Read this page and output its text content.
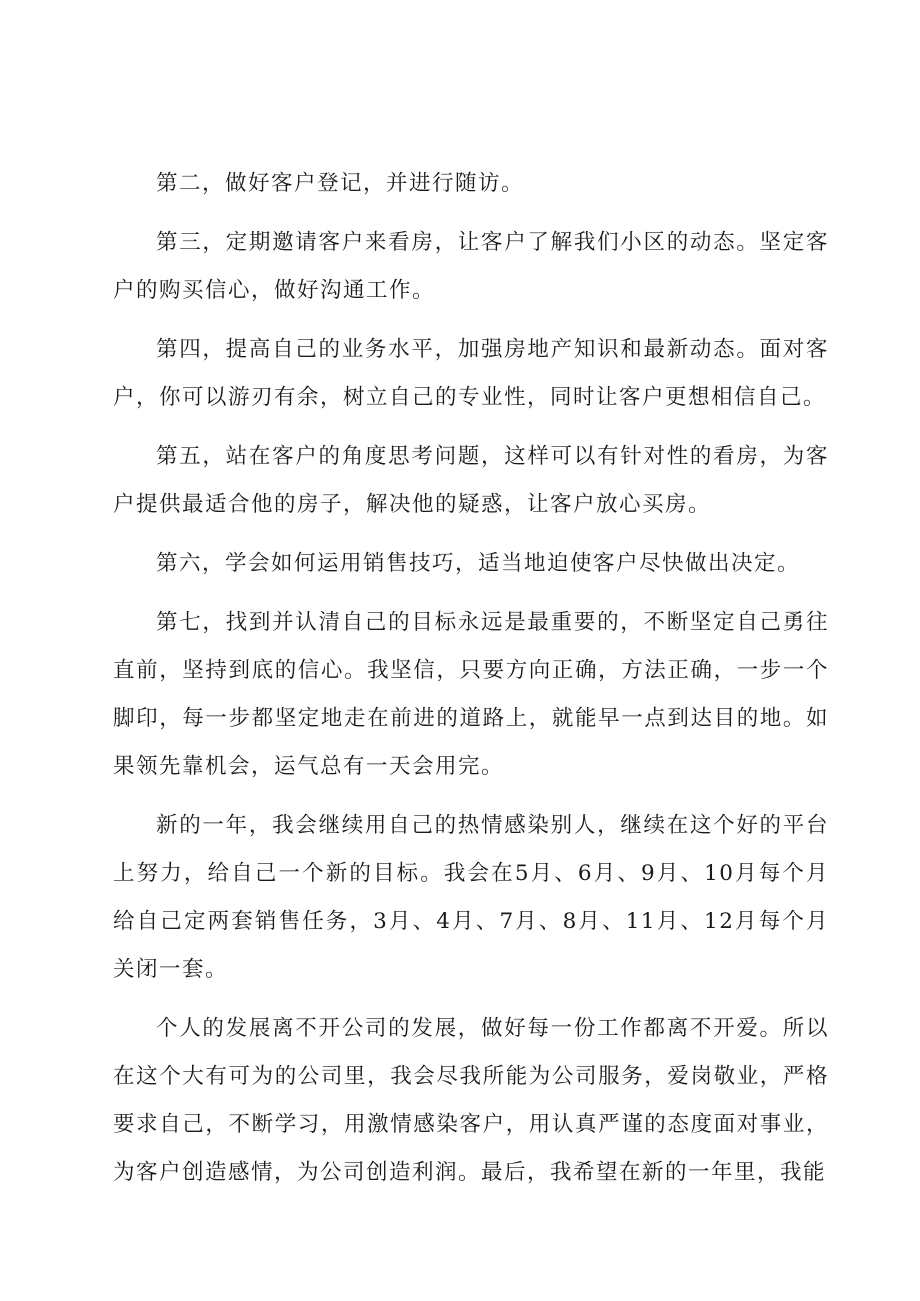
第二，做好客户登记，并进行随访。

第三，定期邀请客户来看房，让客户了解我们小区的动态。坚定客户的购买信心，做好沟通工作。

第四，提高自己的业务水平，加强房地产知识和最新动态。面对客户，你可以游刃有余，树立自己的专业性，同时让客户更想相信自己。

第五，站在客户的角度思考问题，这样可以有针对性的看房，为客户提供最适合他的房子，解决他的疑惑，让客户放心买房。

第六，学会如何运用销售技巧，适当地迫使客户尽快做出决定。

第七，找到并认清自己的目标永远是最重要的，不断坚定自己勇往直前，坚持到底的信心。我坚信，只要方向正确，方法正确，一步一个脚印，每一步都坚定地走在前进的道路上，就能早一点到达目的地。如果领先靠机会，运气总有一天会用完。

新的一年，我会继续用自己的热情感染别人，继续在这个好的平台上努力，给自己一个新的目标。我会在5月、6月、9月、10月每个月给自己定两套销售任务，3月、4月、7月、8月、11月、12月每个月关闭一套。

个人的发展离不开公司的发展，做好每一份工作都离不开爱。所以在这个大有可为的公司里，我会尽我所能为公司服务，爱岗敬业，严格要求自己，不断学习，用激情感染客户，用认真严谨的态度面对事业，为客户创造感情，为公司创造利润。最后，我希望在新的一年里，我能
